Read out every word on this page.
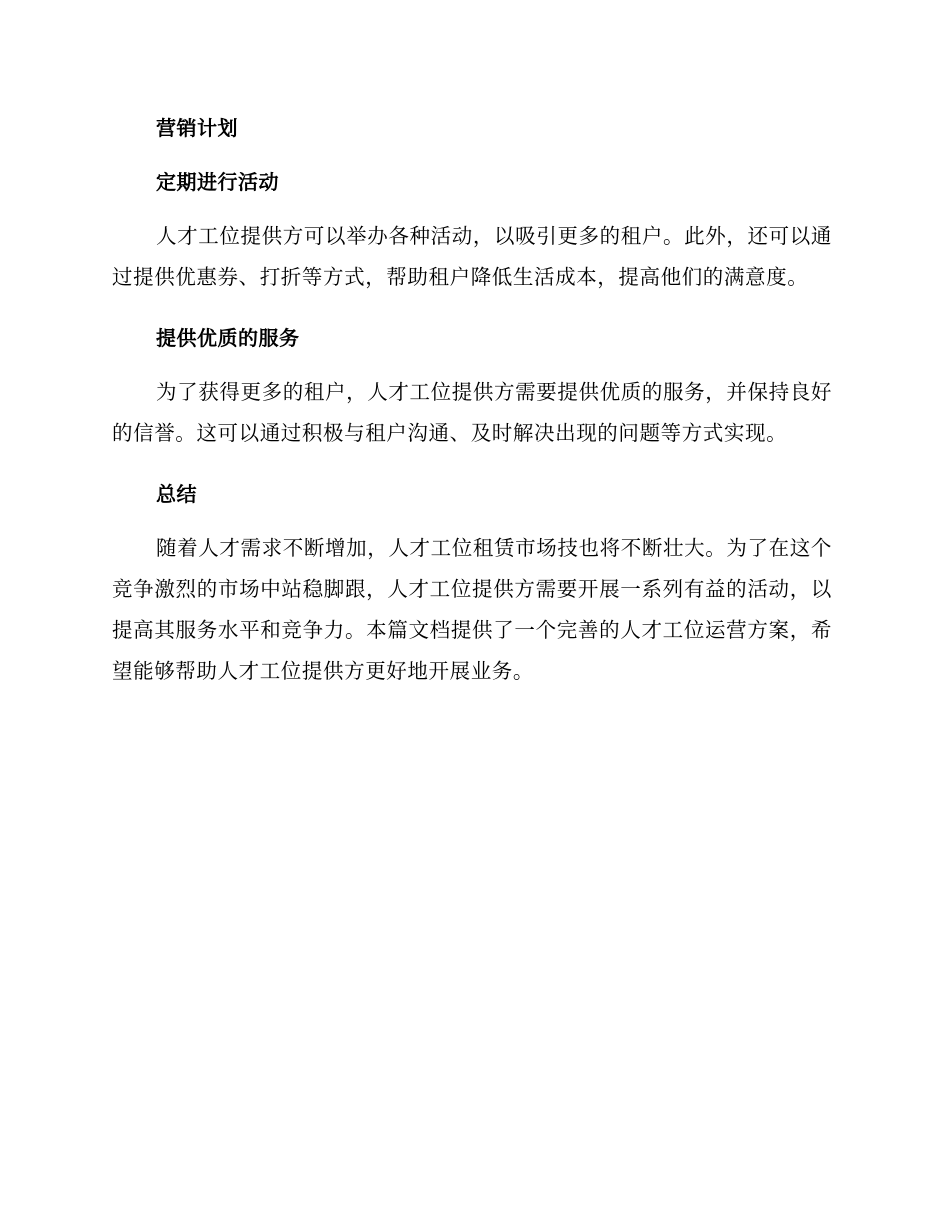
营销计划
定期进行活动

人才工位提供方可以举办各种活动，以吸引更多的租户。此外，还可以通过提供优惠券、打折等方式，帮助租户降低生活成本，提高他们的满意度。

提供优质的服务

为了获得更多的租户，人才工位提供方需要提供优质的服务，并保持良好的信誉。这可以通过积极与租户沟通、及时解决出现的问题等方式实现。

总结

随着人才需求不断增加，人才工位租赁市场技也将不断壮大。为了在这个竞争激烈的市场中站稳脚跟，人才工位提供方需要开展一系列有益的活动，以提高其服务水平和竞争力。本篇文档提供了一个完善的人才工位运营方案，希望能够帮助人才工位提供方更好地开展业务。
